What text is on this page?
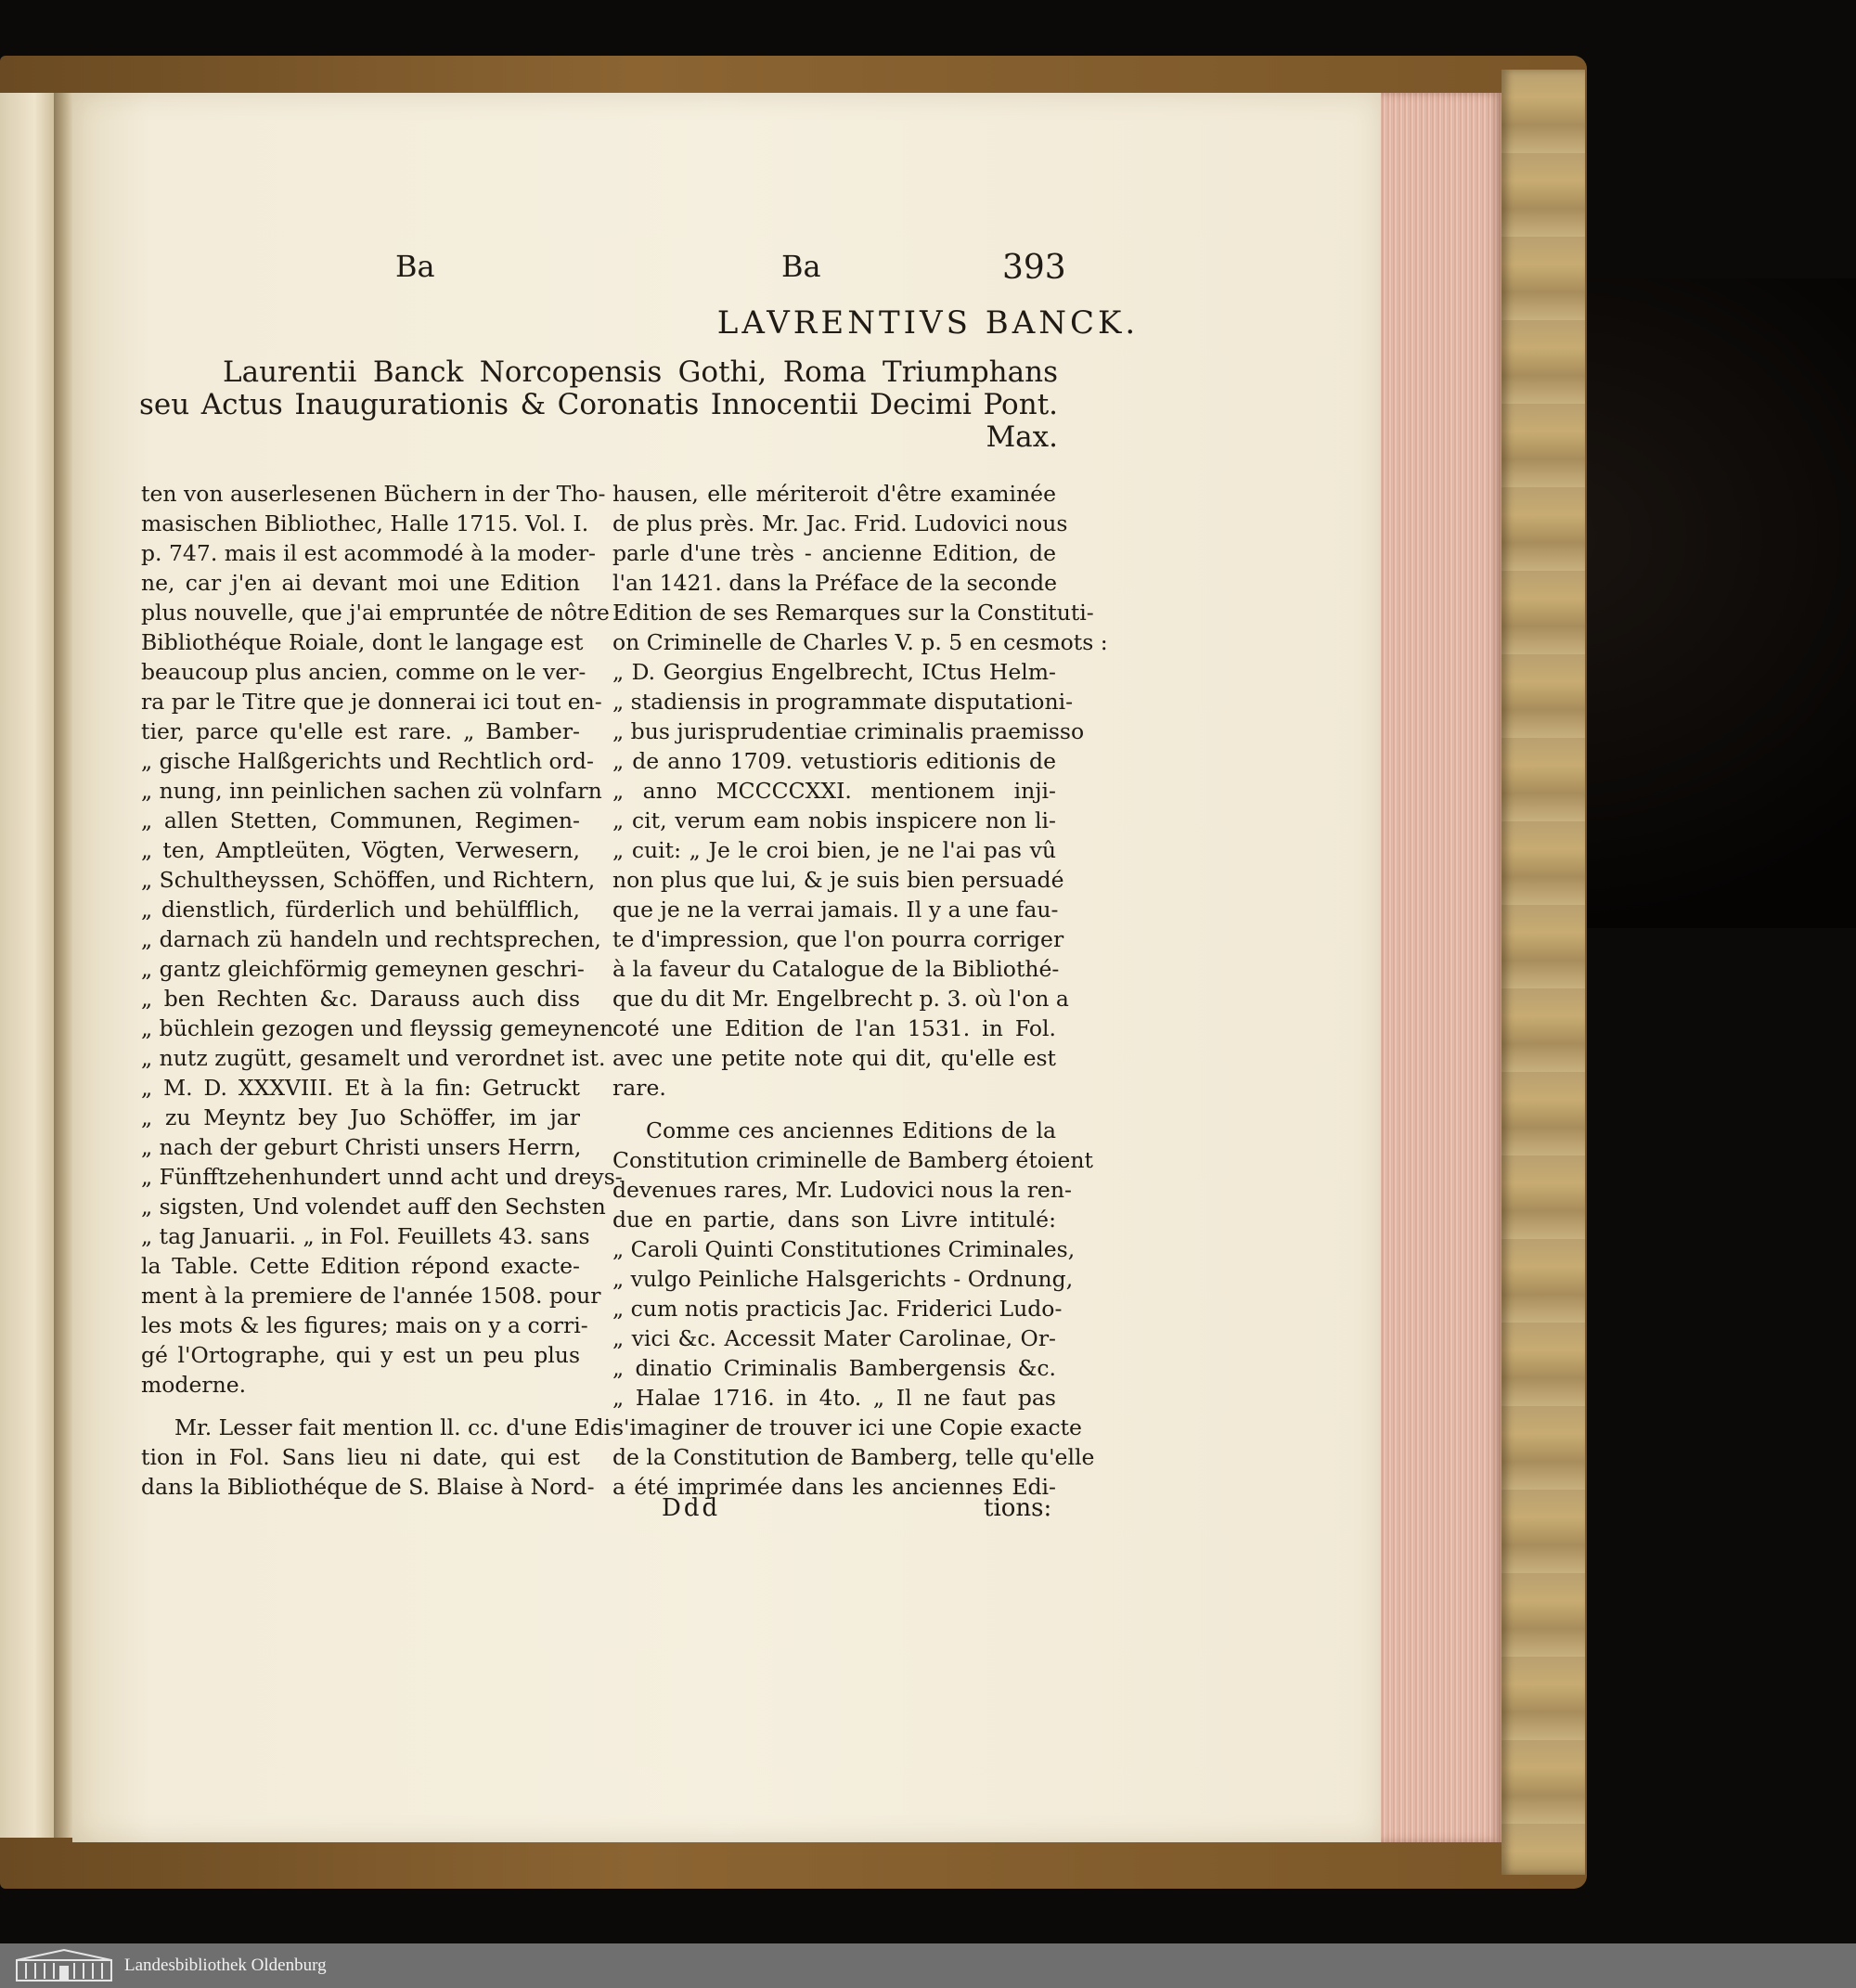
Ba	Ba	393
LAVRENTIVS BANCK.
Laurentii Banck Norcopensis Gothi, Roma Triumphans
seu Actus Inaugurationis & Coronatis Innocentii Decimi Pont.
Max.
ten von auserlesenen Büchern in der Tho-
masischen Bibliothec, Halle 1715. Vol. I.
p. 747. mais il est acommodé à la moder-
ne, car j'en ai devant moi une Edition
plus nouvelle, que j'ai empruntée de nôtre
Bibliothéque Roiale, dont le langage est
beaucoup plus ancien, comme on le ver-
ra par le Titre que je donnerai ici tout en-
tier, parce qu'elle est rare. „ Bamber-
„ gische Halßgerichts und Rechtlich ord-
„ nung, inn peinlichen sachen zü volnfarn
„ allen Stetten, Communen, Regimen-
„ ten, Amptleüten, Vögten, Verwesern,
„ Schultheyssen, Schöffen, und Richtern,
„ dienstlich, fürderlich und behülfflich,
„ darnach zü handeln und rechtsprechen,
„ gantz gleichförmig gemeynen geschri-
„ ben Rechten &c. Darauss auch diss
„ büchlein gezogen und fleyssig gemeynen
„ nutz zugütt, gesamelt und verordnet ist.
„ M. D. XXXVIII. Et à la fin: Getruckt
„ zu Meyntz bey Juo Schöffer, im jar
„ nach der geburt Christi unsers Herrn,
„ Fünfftzehenhundert unnd acht und dreys-
„ sigsten, Und volendet auff den Sechsten
„ tag Januarii. „ in Fol. Feuillets 43. sans
la Table. Cette Edition répond exacte-
ment à la premiere de l'année 1508. pour
les mots & les figures; mais on y a corri-
gé l'Ortographe, qui y est un peu plus
moderne.
Mr. Lesser fait mention ll. cc. d'une Edi-
tion in Fol. Sans lieu ni date, qui est
dans la Bibliothéque de S. Blaise à Nord-
hausen, elle mériteroit d'être examinée
de plus près. Mr. Jac. Frid. Ludovici nous
parle d'une très - ancienne Edition, de
l'an 1421. dans la Préface de la seconde
Edition de ses Remarques sur la Constituti-
on Criminelle de Charles V. p. 5 en cesmots :
„ D. Georgius Engelbrecht, ICtus Helm-
„ stadiensis in programmate disputationi-
„ bus jurisprudentiae criminalis praemisso
„ de anno 1709. vetustioris editionis de
„ anno MCCCCXXI. mentionem inji-
„ cit, verum eam nobis inspicere non li-
„ cuit: „ Je le croi bien, je ne l'ai pas vû
non plus que lui, & je suis bien persuadé
que je ne la verrai jamais. Il y a une fau-
te d'impression, que l'on pourra corriger
à la faveur du Catalogue de la Bibliothé-
que du dit Mr. Engelbrecht p. 3. où l'on a
coté une Edition de l'an 1531. in Fol.
avec une petite note qui dit, qu'elle est
rare.
Comme ces anciennes Editions de la
Constitution criminelle de Bamberg étoient
devenues rares, Mr. Ludovici nous la ren-
due en partie, dans son Livre intitulé:
„ Caroli Quinti Constitutiones Criminales,
„ vulgo Peinliche Halsgerichts - Ordnung,
„ cum notis practicis Jac. Friderici Ludo-
„ vici &c. Accessit Mater Carolinae, Or-
„ dinatio Criminalis Bambergensis &c.
„ Halae 1716. in 4to. „ Il ne faut pas
s'imaginer de trouver ici une Copie exacte
de la Constitution de Bamberg, telle qu'elle
a été imprimée dans les anciennes Edi-
Ddd	tions:
Landesbibliothek Oldenburg
